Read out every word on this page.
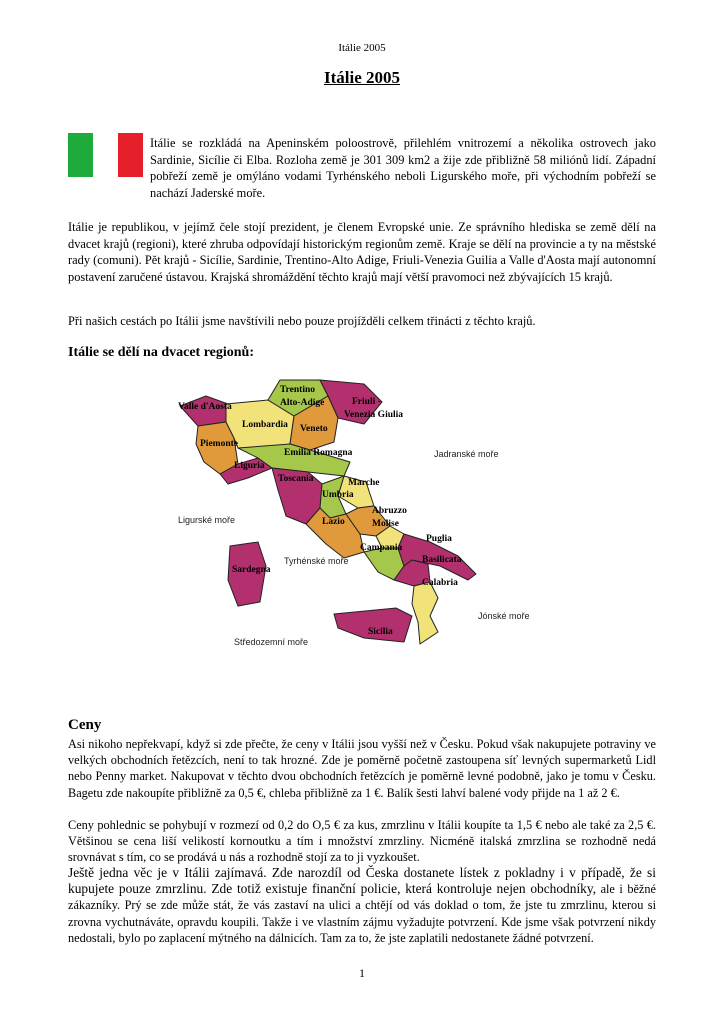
Itálie 2005
Itálie 2005
Itálie se rozkládá na Apeninském poloostrově, přilehlém vnitrozemí a několika ostrovech jako Sardinie, Sicílie či Elba. Rozloha země je 301 309 km2 a žije zde přibližně 58 miliónů lidí. Západní pobřeží země je omýláno vodami Tyrhénského neboli Ligurského moře, při východním pobřeží se nachází Jaderské moře.
Itálie je republikou, v jejímž čele stojí prezident, je členem Evropské unie. Ze správního hlediska se země dělí na dvacet krajů (regioni), které zhruba odpovídají historickým regionům země. Kraje se dělí na provincie a ty na městské rady (comuni). Pět krajů - Sicílie, Sardinie, Trentino-Alto Adige, Friuli-Venezia Guilia a Valle d'Aosta mají autonomní postavení zaručené ústavou. Krajská shromáždění těchto krajů mají větší pravomoci než zbývajících 15 krajů.
Při našich cestách po Itálii jsme navštívili nebo pouze projížděli celkem třinácti z těchto krajů.
Itálie se dělí na dvacet regionů:
Jadranské moře
Ligurské moře
Tyrhénské moře
Jónské moře
Středozemní moře
Trentino
Alto-Adige	Friuli -
Venezia Giulia
Valle d'Aosta
Lombardia Veneto
Piemonte
Emilia Romagna
Liguria
Toscania	Marche
Umbria
Abruzzo
Lazio	Molise
Puglia
Campania
Basilicata
Calabria
Sardegna
Sicilia
Ceny
Asi nikoho nepřekvapí, když si zde přečte, že ceny v Itálii jsou vyšší než v Česku. Pokud však nakupujete potraviny ve velkých obchodních řetězcích, není to tak hrozné. Zde je poměrně početně zastoupena síť levných supermarketů Lidl nebo Penny market. Nakupovat v těchto dvou obchodních řetězcích je poměrně levné podobně, jako je tomu v Česku. Bagetu zde nakoupíte přibližně za 0,5 €, chleba přibližně za 1 €. Balík šesti lahví balené vody přijde na 1 až 2 €.
Ceny pohlednic se pohybují v rozmezí od 0,2 do O,5 € za kus, zmrzlinu v Itálii koupíte ta 1,5 € nebo ale také za 2,5 €. Většinou se cena liší velikostí kornoutku a tím i množství zmrzliny. Nicméně italská zmrzlina se rozhodně nedá srovnávat s tím, co se prodává u nás a rozhodně stojí za to ji vyzkoušet.
Ještě jedna věc je v Itálii zajímavá. Zde narozdíl od Česka dostanete lístek z pokladny i v případě, že si kupujete pouze zmrzlinu. Zde totiž existuje finanční policie, která kontroluje nejen obchodníky, ale i běžné zákazníky. Prý se zde může stát, že vás zastaví na ulici a chtějí od vás doklad o tom, že jste tu zmrzlinu, kterou si zrovna vychutnáváte, opravdu koupili. Takže i ve vlastním zájmu vyžadujte potvrzení. Kde jsme však potvrzení nikdy nedostali, bylo po zaplacení mýtného na dálnicích. Tam za to, že jste zaplatili nedostanete žádné potvrzení.
1
